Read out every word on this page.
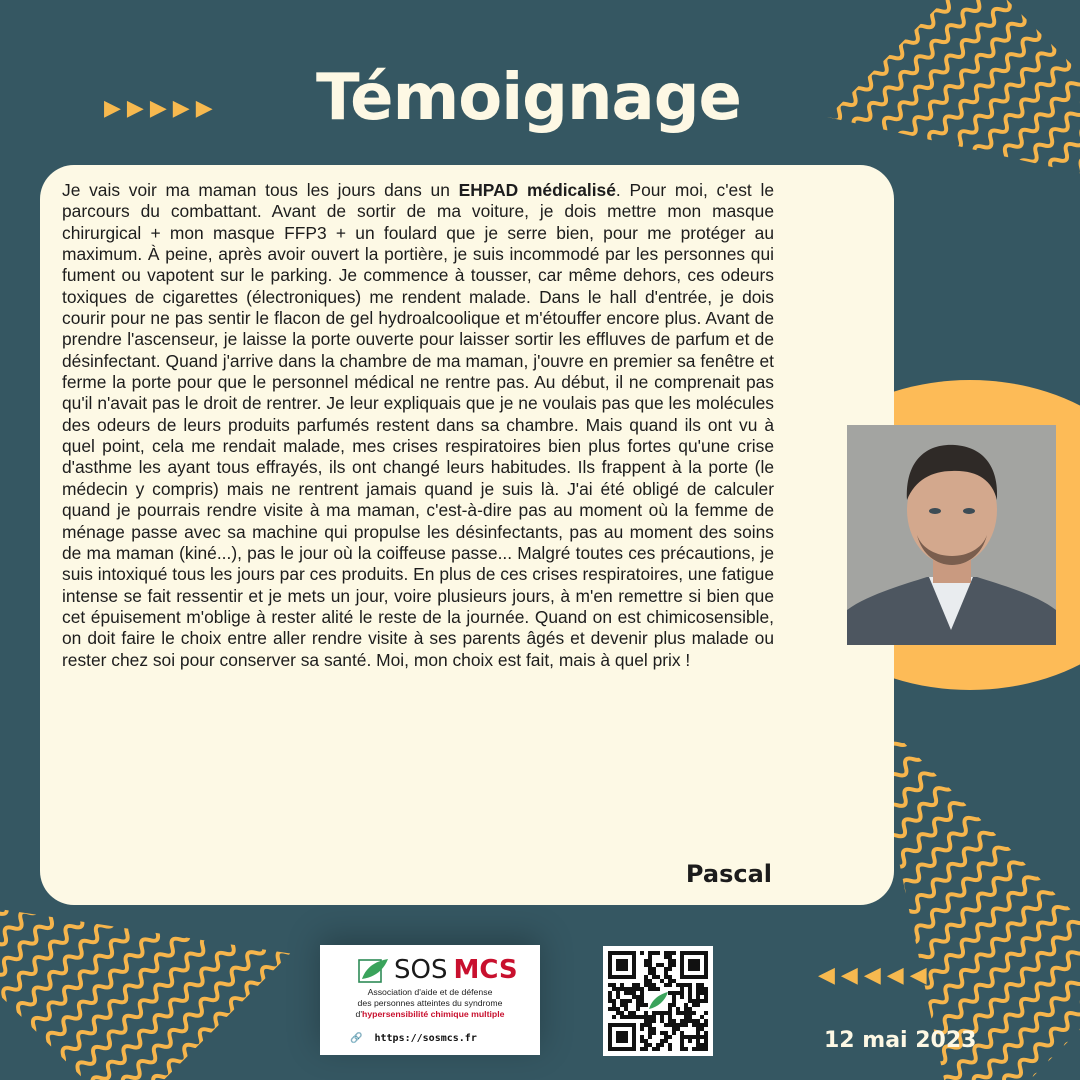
Témoignage
▶ ▶ ▶ ▶ ▶

Je vais voir ma maman tous les jours dans un EHPAD médicalisé. Pour moi, c'est le parcours du combattant. Avant de sortir de ma voiture, je dois mettre mon masque chirurgical + mon masque FFP3 + un foulard que je serre bien, pour me protéger au maximum. À peine, après avoir ouvert la portière, je suis incommodé par les personnes qui fument ou vapotent sur le parking. Je commence à tousser, car même dehors, ces odeurs toxiques de cigarettes (électroniques) me rendent malade. Dans le hall d'entrée, je dois courir pour ne pas sentir le flacon de gel hydroalcoolique et m'étouffer encore plus. Avant de prendre l'ascenseur, je laisse la porte ouverte pour laisser sortir les effluves de parfum et de désinfectant. Quand j'arrive dans la chambre de ma maman, j'ouvre en premier sa fenêtre et ferme la porte pour que le personnel médical ne rentre pas. Au début, il ne comprenait pas qu'il n'avait pas le droit de rentrer. Je leur expliquais que je ne voulais pas que les molécules des odeurs de leurs produits parfumés restent dans sa chambre. Mais quand ils ont vu à quel point, cela me rendait malade, mes crises respiratoires bien plus fortes qu'une crise d'asthme les ayant tous effrayés, ils ont changé leurs habitudes. Ils frappent à la porte (le médecin y compris) mais ne rentrent jamais quand je suis là. J'ai été obligé de calculer quand je pourrais rendre visite à ma maman, c'est-à-dire pas au moment où la femme de ménage passe avec sa machine qui propulse les désinfectants, pas au moment des soins de ma maman (kiné...), pas le jour où la coiffeuse passe... Malgré toutes ces précautions, je suis intoxiqué tous les jours par ces produits. En plus de ces crises respiratoires, une fatigue intense se fait ressentir et je mets un jour, voire plusieurs jours, à m'en remettre si bien que cet épuisement m'oblige à rester alité le reste de la journée. Quand on est chimicosensible, on doit faire le choix entre aller rendre visite à ses parents âgés et devenir plus malade ou rester chez soi pour conserver sa santé. Moi, mon choix est fait, mais à quel prix !

Pascal
SOS MCS
Association d'aide et de défense
des personnes atteintes du syndrome
d'hypersensibilité chimique multiple
🔗 https://sosmcs.fr
◀ ◀ ◀ ◀ ◀
12 mai 2023
